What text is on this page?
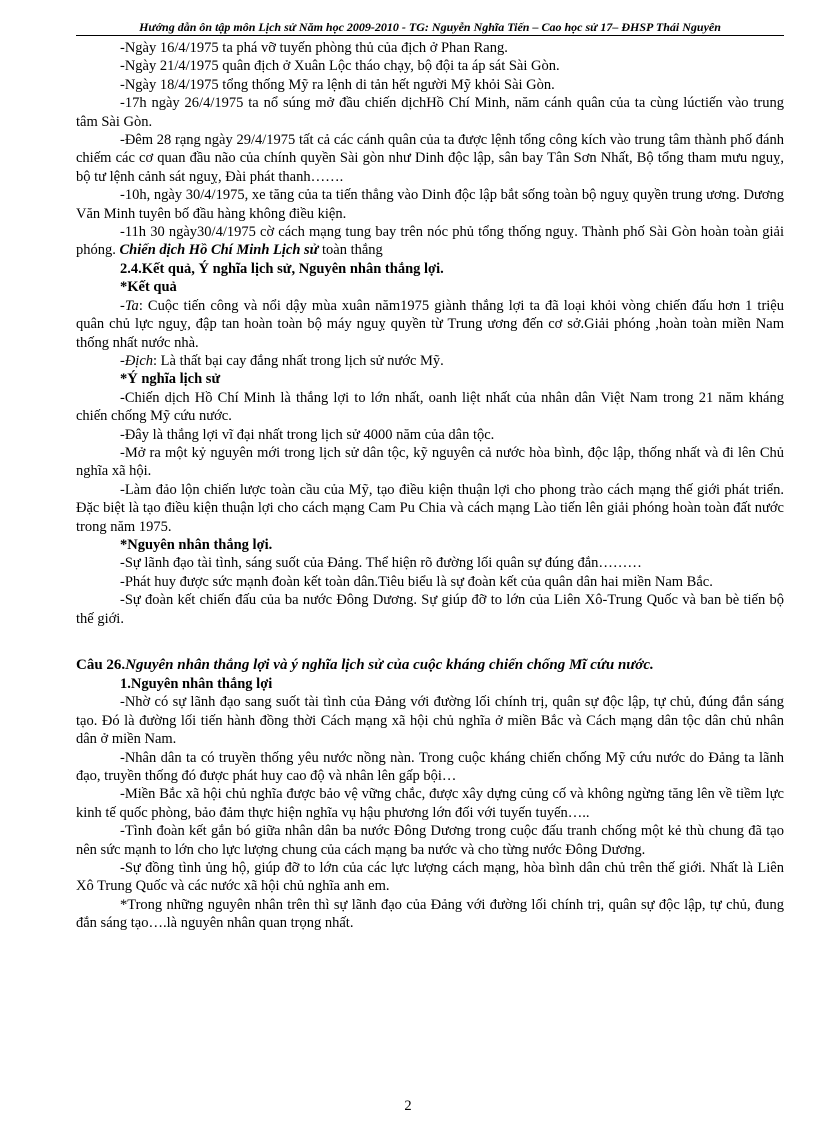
Hướng dẫn ôn tập môn Lịch sử Năm học 2009-2010 - TG: Nguyễn Nghĩa Tiến – Cao học sử 17– ĐHSP Thái Nguyên

-Ngày 16/4/1975 ta phá vỡ tuyến phòng thủ của địch ở Phan Rang.

-Ngày 21/4/1975 quân địch ở Xuân Lộc tháo chạy, bộ đội ta áp sát Sài Gòn.

-Ngày 18/4/1975 tổng thống Mỹ ra lệnh di tản hết người Mỹ khỏi Sài Gòn.

-17h ngày 26/4/1975 ta nổ súng mở đầu chiến dịchHồ Chí Minh, năm cánh quân của ta cùng lúctiến vào trung tâm Sài Gòn.

-Đêm 28 rạng ngày 29/4/1975 tất cả các cánh quân của ta được lệnh tổng công kích vào trung tâm thành phố đánh chiếm các cơ quan đầu não của chính quyền Sài gòn như Dinh độc lập, sân bay Tân Sơn Nhất, Bộ tổng tham mưu nguỵ, bộ tư lệnh cảnh sát nguỵ, Đài phát thanh…….

-10h, ngày 30/4/1975, xe tăng của ta tiến thẳng vào Dinh độc lập bắt sống toàn bộ nguỵ quyền trung ương. Dương Văn Minh tuyên bố đầu hàng không điều kiện.

-11h 30 ngày30/4/1975 cờ cách mạng tung bay trên nóc phủ tổng thống nguỵ. Thành phố Sài Gòn hoàn toàn giải phóng. Chiến dịch Hồ Chí Minh Lịch sử toàn thắng

2.4.Kết quả, Ý nghĩa lịch sử, Nguyên nhân thắng lợi.

*Kết quả

-Ta: Cuộc tiến công và nổi dậy mùa xuân năm1975 giành thắng lợi ta đã loại khỏi vòng chiến đấu hơn 1 triệu quân chủ lực nguỵ, đập tan hoàn toàn bộ máy nguỵ quyền từ Trung ương đến cơ sở.Giải phóng ,hoàn toàn miền Nam thống nhất nước nhà.

-Địch: Là thất bại cay đắng nhất trong lịch sử nước Mỹ.

*Ý nghĩa lịch sử

-Chiến dịch Hồ Chí Minh là thắng lợi to lớn nhất, oanh liệt nhất của nhân dân Việt Nam trong 21 năm kháng chiến chống Mỹ cứu nước.

-Đây là thắng lợi vĩ đại nhất trong lịch sử 4000 năm của dân tộc.

-Mở ra một kỷ nguyên mới trong lịch sử dân tộc, kỹ nguyên cả nước hòa bình, độc lập, thống nhất và đi lên Chủ nghĩa xã hội.

-Làm đảo lộn chiến lược toàn cầu của Mỹ, tạo điều kiện thuận lợi cho phong trào cách mạng thế giới phát triển. Đặc biệt là tạo điều kiện thuận lợi cho cách mạng Cam Pu Chia và cách mạng Lào tiến lên giải phóng hoàn toàn đất nước trong năm 1975.

*Nguyên nhân thắng lợi.

-Sự lãnh đạo tài tình, sáng suốt của Đảng. Thể hiện rõ đường lối quân sự đúng đắn………

-Phát huy được sức mạnh đoàn kết toàn dân.Tiêu biểu là sự đoàn kết của quân dân hai miền Nam Bắc.

-Sự đoàn kết chiến đấu của ba nước Đông Dương. Sự giúp đỡ to lớn của Liên Xô-Trung Quốc và ban bè tiến bộ thế giới.

Câu 26.Nguyên nhân thắng lợi và ý nghĩa lịch sử của cuộc kháng chiến chống Mĩ cứu nước.

1.Nguyên nhân thắng lợi

-Nhờ có sự lãnh đạo sang suốt tài tình của Đảng với đường lối chính trị, quân sự độc lập, tự chủ, đúng đắn sáng tạo. Đó là đường lối tiến hành đồng thời Cách mạng xã hội chủ nghĩa ở miền Bắc và Cách mạng dân tộc dân chủ nhân dân ở miền Nam.

-Nhân dân ta có truyền thống yêu nước nồng nàn. Trong cuộc kháng chiến chống Mỹ cứu nước do Đảng ta lãnh đạo, truyền thống đó được phát huy cao độ và nhân lên gấp bội…

-Miền Bắc xã hội chủ nghĩa được bảo vệ vững chắc, được xây dựng củng cố và không ngừng tăng lên về tiềm lực kinh tế quốc phòng, bảo đảm thực hiện nghĩa vụ hậu phương lớn đối với tuyến tuyến…..

-Tình đoàn kết gắn bó giữa nhân dân ba nước Đông Dương trong cuộc đấu tranh chống một kẻ thù chung đã tạo nên sức mạnh to lớn cho lực lượng chung của cách mạng ba nước và cho từng nước Đông Dương.

-Sự đồng tình ủng hộ, giúp đỡ to lớn của các lực lượng cách mạng, hòa bình dân chủ trên thế giới. Nhất là Liên Xô Trung Quốc và các nước xã hội chủ nghĩa anh em.

*Trong những nguyên nhân trên thì sự lãnh đạo của Đảng với đường lối chính trị, quân sự độc lập, tự chủ, đung đắn sáng tạo….là nguyên nhân quan trọng nhất.

2
